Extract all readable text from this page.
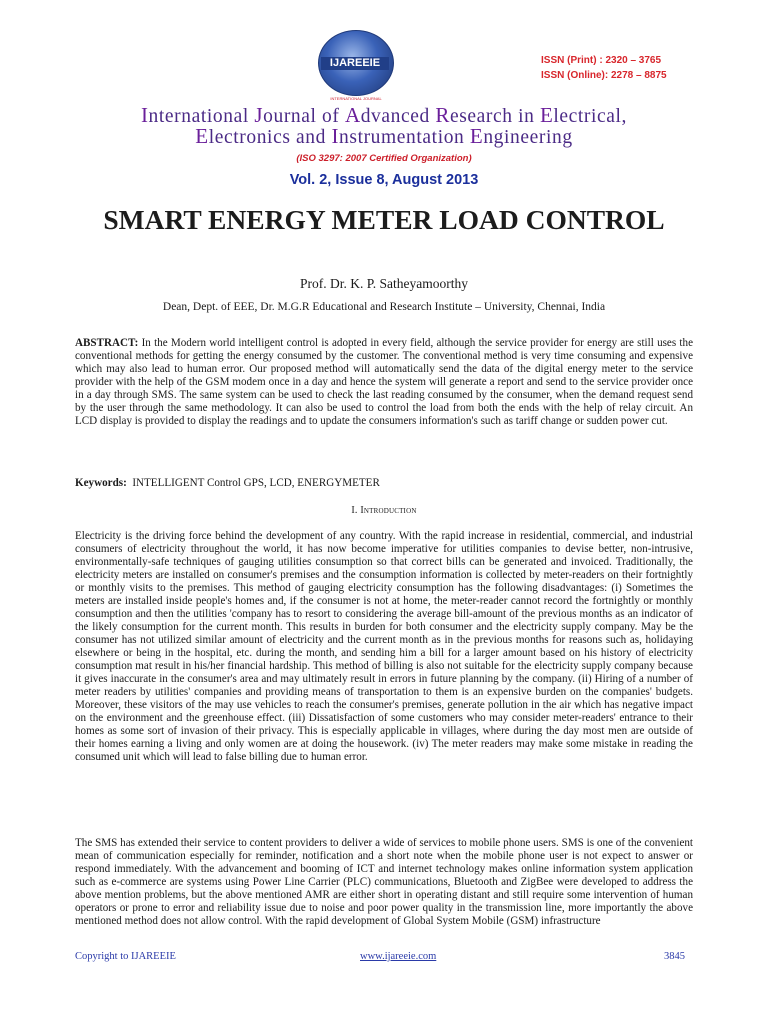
IJAREEIE
INTERNATIONAL JOURNAL
ISSN (Print) : 2320 – 3765
ISSN (Online): 2278 – 8875
International Journal of Advanced Research in Electrical,
Electronics and Instrumentation Engineering
(ISO 3297: 2007 Certified Organization)
Vol. 2, Issue 8, August 2013
SMART ENERGY METER LOAD CONTROL
Prof. Dr. K. P. Satheyamoorthy
Dean, Dept. of EEE, Dr. M.G.R Educational and Research Institute – University, Chennai, India
ABSTRACT: In the Modern world intelligent control is adopted in every field, although the service provider for energy are still uses the conventional methods for getting the energy consumed by the customer. The conventional method is very time consuming and expensive which may also lead to human error. Our proposed method will automatically send the data of the digital energy meter to the service provider with the help of the GSM modem once in a day and hence the system will generate a report and send to the service provider once in a day through SMS. The same system can be used to check the last reading consumed by the consumer, when the demand request send by the user through the same methodology. It can also be used to control the load from both the ends with the help of relay circuit. An LCD display is provided to display the readings and to update the consumers information's such as tariff change or sudden power cut.
Keywords: INTELLIGENT Control GPS, LCD, ENERGYMETER
I. Introduction
Electricity is the driving force behind the development of any country. With the rapid increase in residential, commercial, and industrial consumers of electricity throughout the world, it has now become imperative for utilities companies to devise better, non-intrusive, environmentally-safe techniques of gauging utilities consumption so that correct bills can be generated and invoiced. Traditionally, the electricity meters are installed on consumer's premises and the consumption information is collected by meter-readers on their fortnightly or monthly visits to the premises. This method of gauging electricity consumption has the following disadvantages: (i) Sometimes the meters are installed inside people's homes and, if the consumer is not at home, the meter-reader cannot record the fortnightly or monthly consumption and then the utilities 'company has to resort to considering the average bill-amount of the previous months as an indicator of the likely consumption for the current month. This results in burden for both consumer and the electricity supply company. May be the consumer has not utilized similar amount of electricity and the current month as in the previous months for reasons such as, holidaying elsewhere or being in the hospital, etc. during the month, and sending him a bill for a larger amount based on his history of electricity consumption mat result in his/her financial hardship. This method of billing is also not suitable for the electricity supply company because it gives inaccurate in the consumer's area and may ultimately result in errors in future planning by the company. (ii) Hiring of a number of meter readers by utilities' companies and providing means of transportation to them is an expensive burden on the companies' budgets. Moreover, these visitors of the may use vehicles to reach the consumer's premises, generate pollution in the air which has negative impact on the environment and the greenhouse effect. (iii) Dissatisfaction of some customers who may consider meter-readers' entrance to their homes as some sort of invasion of their privacy. This is especially applicable in villages, where during the day most men are outside of their homes earning a living and only women are at doing the housework. (iv) The meter readers may make some mistake in reading the consumed unit which will lead to false billing due to human error.
The SMS has extended their service to content providers to deliver a wide of services to mobile phone users. SMS is one of the convenient mean of communication especially for reminder, notification and a short note when the mobile phone user is not expect to answer or respond immediately. With the advancement and booming of ICT and internet technology makes online information system application such as e-commerce are systems using Power Line Carrier (PLC) communications, Bluetooth and ZigBee were developed to address the above mention problems, but the above mentioned AMR are either short in operating distant and still require some intervention of human operators or prone to error and reliability issue due to noise and poor power quality in the transmission line, more importantly the above mentioned method does not allow control. With the rapid development of Global System Mobile (GSM) infrastructure
Copyright to IJAREEIE	www.ijareeie.com	3845
